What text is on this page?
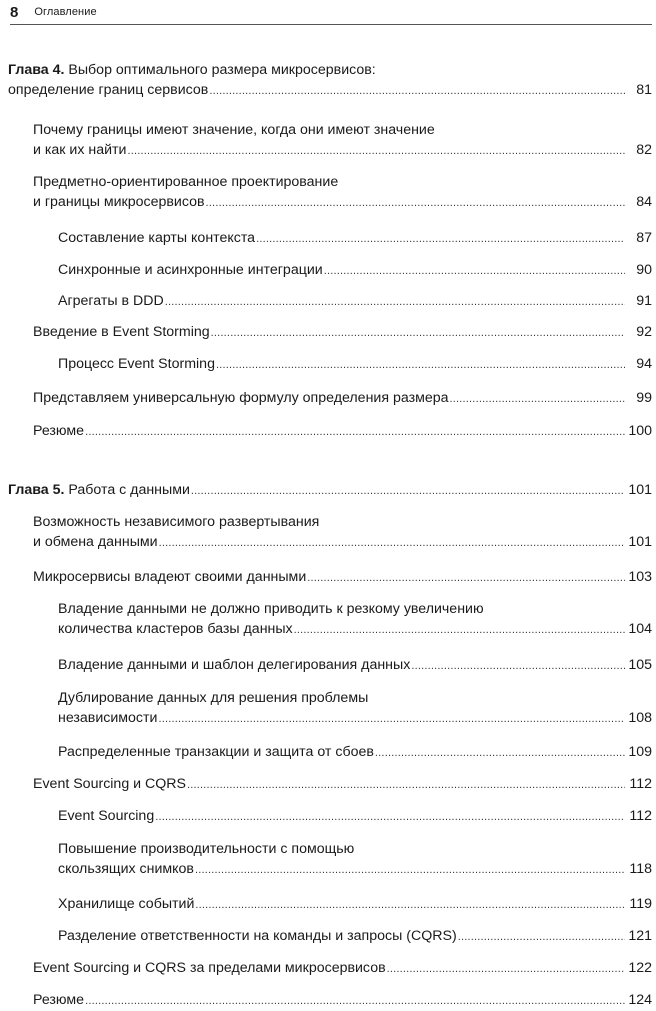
8 Оглавление
Глава 4. Выбор оптимального размера микросервисов:
определение границ сервисов .....	81
Почему границы имеют значение, когда они имеют значение
и как их найти .....	82
Предметно-ориентированное проектирование
и границы микросервисов .....	84
Составление карты контекста .....	87
Синхронные и асинхронные интеграции .....	90
Агрегаты в DDD .....	91
Введение в Event Storming .....	92
Процесс Event Storming .....	94
Представляем универсальную формулу определения размера .....	99
Резюме .....	100
Глава 5. Работа с данными .....	101
Возможность независимого развертывания
и обмена данными .....	101
Микросервисы владеют своими данными .....	103
Владение данными не должно приводить к резкому увеличению
количества кластеров базы данных .....	104
Владение данными и шаблон делегирования данных .....	105
Дублирование данных для решения проблемы
независимости .....	108
Распределенные транзакции и защита от сбоев .....	109
Event Sourcing и CQRS .....	112
Event Sourcing .....	112
Повышение производительности с помощью
скользящих снимков .....	118
Хранилище событий .....	119
Разделение ответственности на команды и запросы (CQRS) .....	121
Event Sourcing и CQRS за пределами микросервисов .....	122
Резюме .....	124
